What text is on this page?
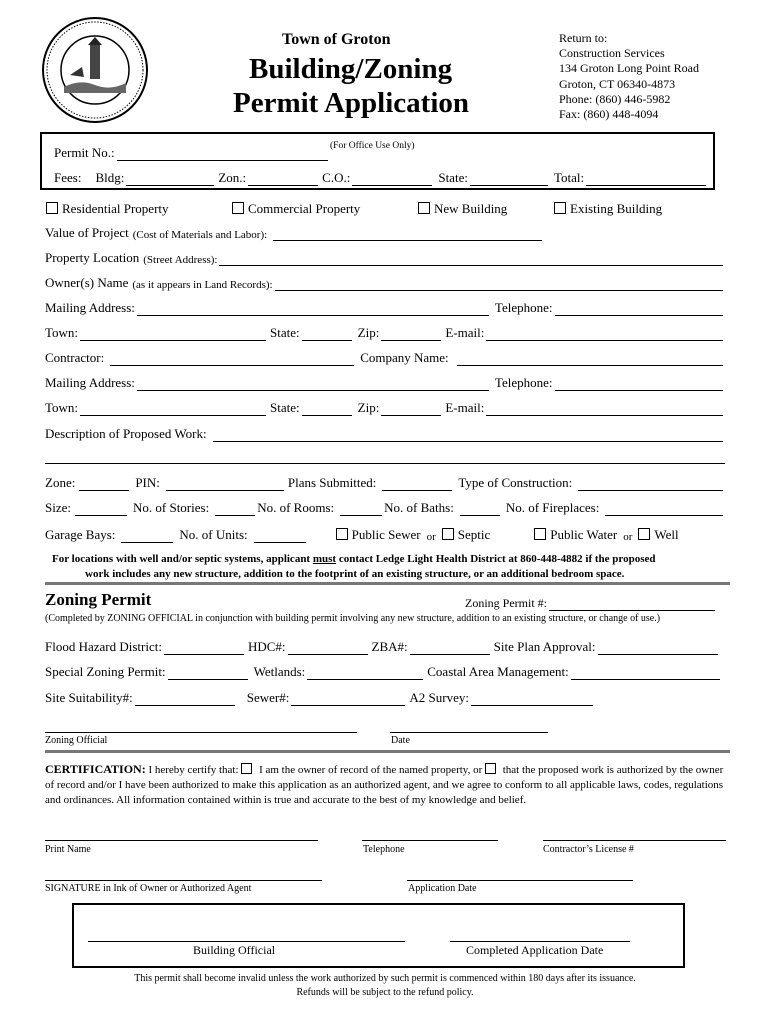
Town of Groton
Building/Zoning
Permit Application
Return to:
Construction Services
134 Groton Long Point Road
Groton, CT 06340-4873
Phone: (860) 446-5982
Fax: (860) 448-4094
(For Office Use Only)
Permit No.:
Fees: Bldg:	Zon.:	C.O.:	State:	Total:
Residential Property	Commercial Property	New Building	Existing Building
Value of Project (Cost of Materials and Labor):
Property Location (Street Address):
Owner(s) Name (as it appears in Land Records):
Mailing Address:	Telephone:
Town:	State:	Zip:	E-mail:
Contractor:	Company Name:
Mailing Address:	Telephone:
Town:	State:	Zip:	E-mail:
Description of Proposed Work:
Zone:	PIN:	Plans Submitted:	Type of Construction:
Size:	No. of Stories:	No. of Rooms:	No. of Baths:	No. of Fireplaces:
Garage Bays:	No. of Units:	Public Sewer or	Septic	Public Water or	Well
For locations with well and/or septic systems, applicant must contact Ledge Light Health District at 860-448-4882 if the proposed
work includes any new structure, addition to the footprint of an existing structure, or an additional bedroom space.
Zoning Permit	Zoning Permit #:
(Completed by ZONING OFFICIAL in conjunction with building permit involving any new structure, addition to an existing structure, or change of use.)
Flood Hazard District:	HDC#:	ZBA#:	Site Plan Approval:
Special Zoning Permit:	Wetlands:	Coastal Area Management:
Site Suitability#:	Sewer#:	A2 Survey:
Zoning Official	Date
CERTIFICATION: I hereby certify that:  I am the owner of record of the named property, or  that the proposed work is authorized by the owner of record and/or I have been authorized to make this application as an authorized agent, and we agree to conform to all applicable laws, codes, regulations and ordinances. All information contained within is true and accurate to the best of my knowledge and belief.
Print Name	Telephone	Contractor’s License #
SIGNATURE in Ink of Owner or Authorized Agent	Application Date
Building Official	Completed Application Date
This permit shall become invalid unless the work authorized by such permit is commenced within 180 days after its issuance.
Refunds will be subject to the refund policy.
